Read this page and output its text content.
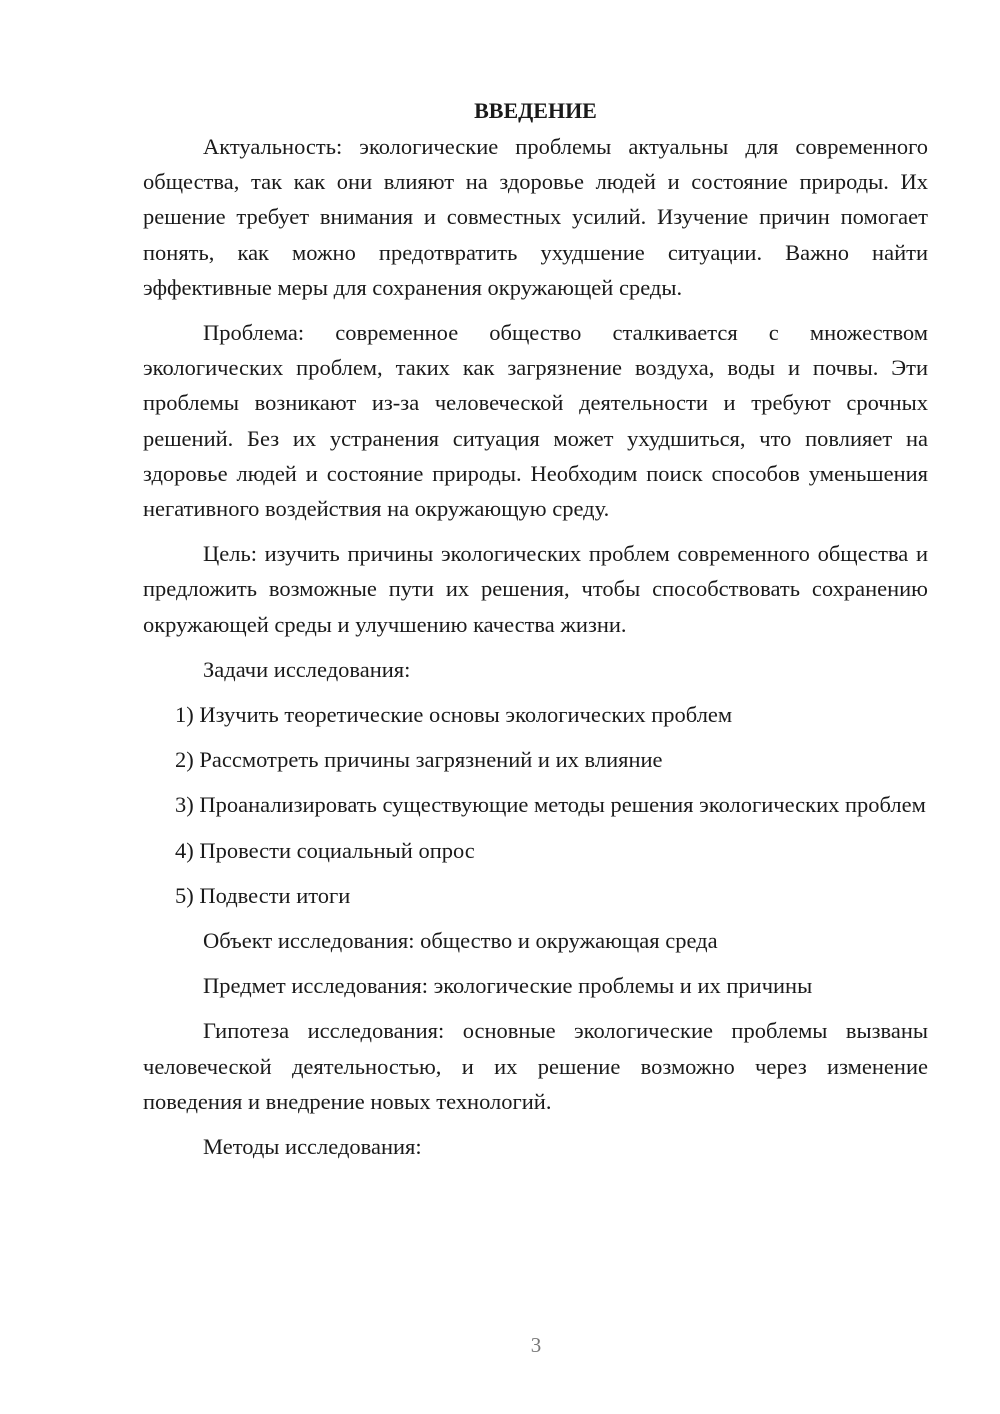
ВВЕДЕНИЕ

Актуальность: экологические проблемы актуальны для современного общества, так как они влияют на здоровье людей и состояние природы. Их решение требует внимания и совместных усилий. Изучение причин помогает понять, как можно предотвратить ухудшение ситуации. Важно найти эффективные меры для сохранения окружающей среды.

Проблема: современное общество сталкивается с множеством экологических проблем, таких как загрязнение воздуха, воды и почвы. Эти проблемы возникают из-за человеческой деятельности и требуют срочных решений. Без их устранения ситуация может ухудшиться, что повлияет на здоровье людей и состояние природы. Необходим поиск способов уменьшения негативного воздействия на окружающую среду.

Цель: изучить причины экологических проблем современного общества и предложить возможные пути их решения, чтобы способствовать сохранению окружающей среды и улучшению качества жизни.

Задачи исследования:

1) Изучить теоретические основы экологических проблем

2) Рассмотреть причины загрязнений и их влияние

3) Проанализировать существующие методы решения экологических проблем

4) Провести социальный опрос

5) Подвести итоги

Объект исследования: общество и окружающая среда

Предмет исследования: экологические проблемы и их причины

Гипотеза исследования: основные экологические проблемы вызваны человеческой деятельностью, и их решение возможно через изменение поведения и внедрение новых технологий.

Методы исследования:

3
